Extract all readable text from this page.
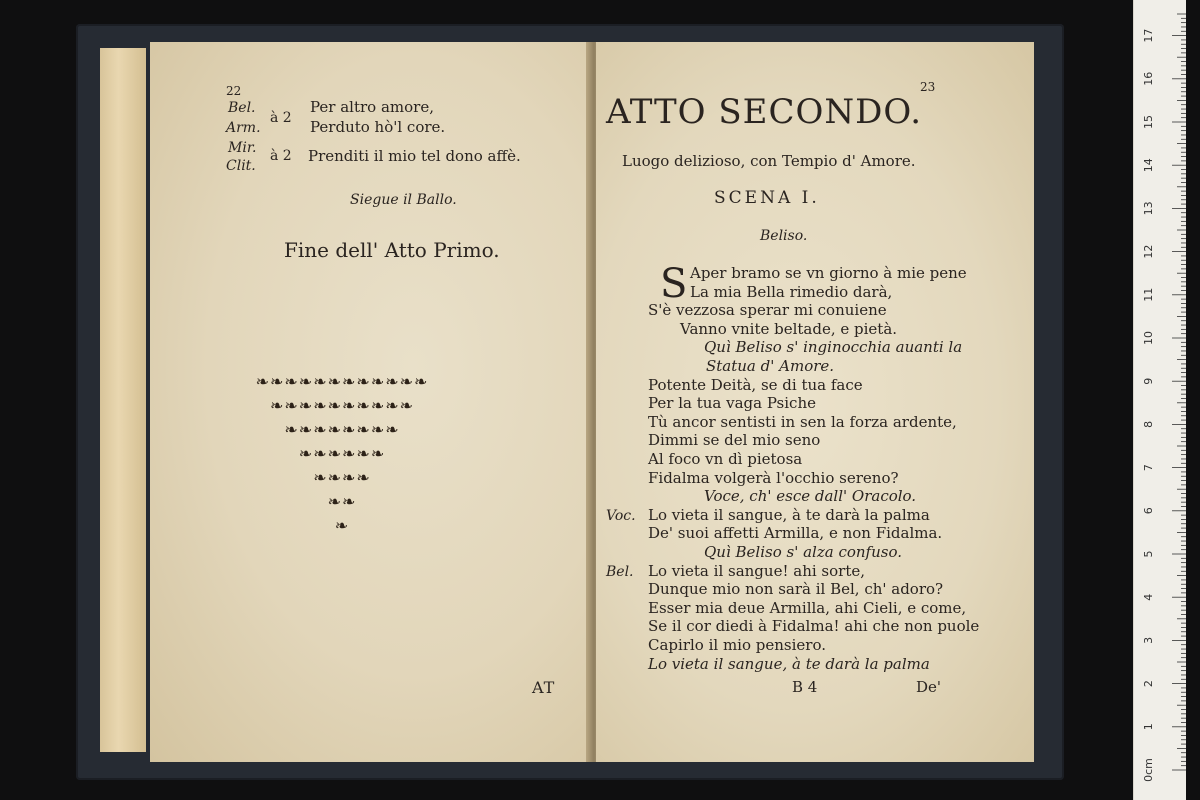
22
Bel.
Arm.
Mir.
Clit.
à 2
à 2
Per altro amore,
Perduto hò'l core.
Prenditi il mio tel dono affè.
Siegue il Ballo.
Fine dell' Atto Primo.
❧❧❧❧❧❧❧❧❧❧❧❧
❧❧❧❧❧❧❧❧❧❧
❧❧❧❧❧❧❧❧
❧❧❧❧❧❧
❧❧❧❧
❧❧
❧
AT
ATTO SECONDO.
23
Luogo delizioso, con Tempio d' Amore.
SCENA I.
Beliso.
S Aper bramo se vn giorno à mie pene
La mia Bella rimedio darà,
S'è vezzosa sperar mi conuiene
Vanno vnite beltade, e pietà.
Quì Beliso s' inginocchia auanti la
Statua d' Amore.
Potente Deità, se di tua face
Per la tua vaga Psiche
Tù ancor sentisti in sen la forza ardente,
Dimmi se del mio seno
Al foco vn dì pietosa
Fidalma volgerà l'occhio sereno?
Voce, ch' esce dall' Oracolo.
Voc. Lo vieta il sangue, à te darà la palma
De' suoi affetti Armilla, e non Fidalma.
Quì Beliso s' alza confuso.
Bel. Lo vieta il sangue! ahi sorte,
Dunque mio non sarà il Bel, ch' adoro?
Esser mia deue Armilla, ahi Cieli, e come,
Se il cor diedi à Fidalma! ahi che non puole
Capirlo il mio pensiero.
Lo vieta il sangue, à te darà la palma
B 4	De'
0cm
1
2
3
4
5
6
7
8
9
10
11
12
13
14
15
16
17
